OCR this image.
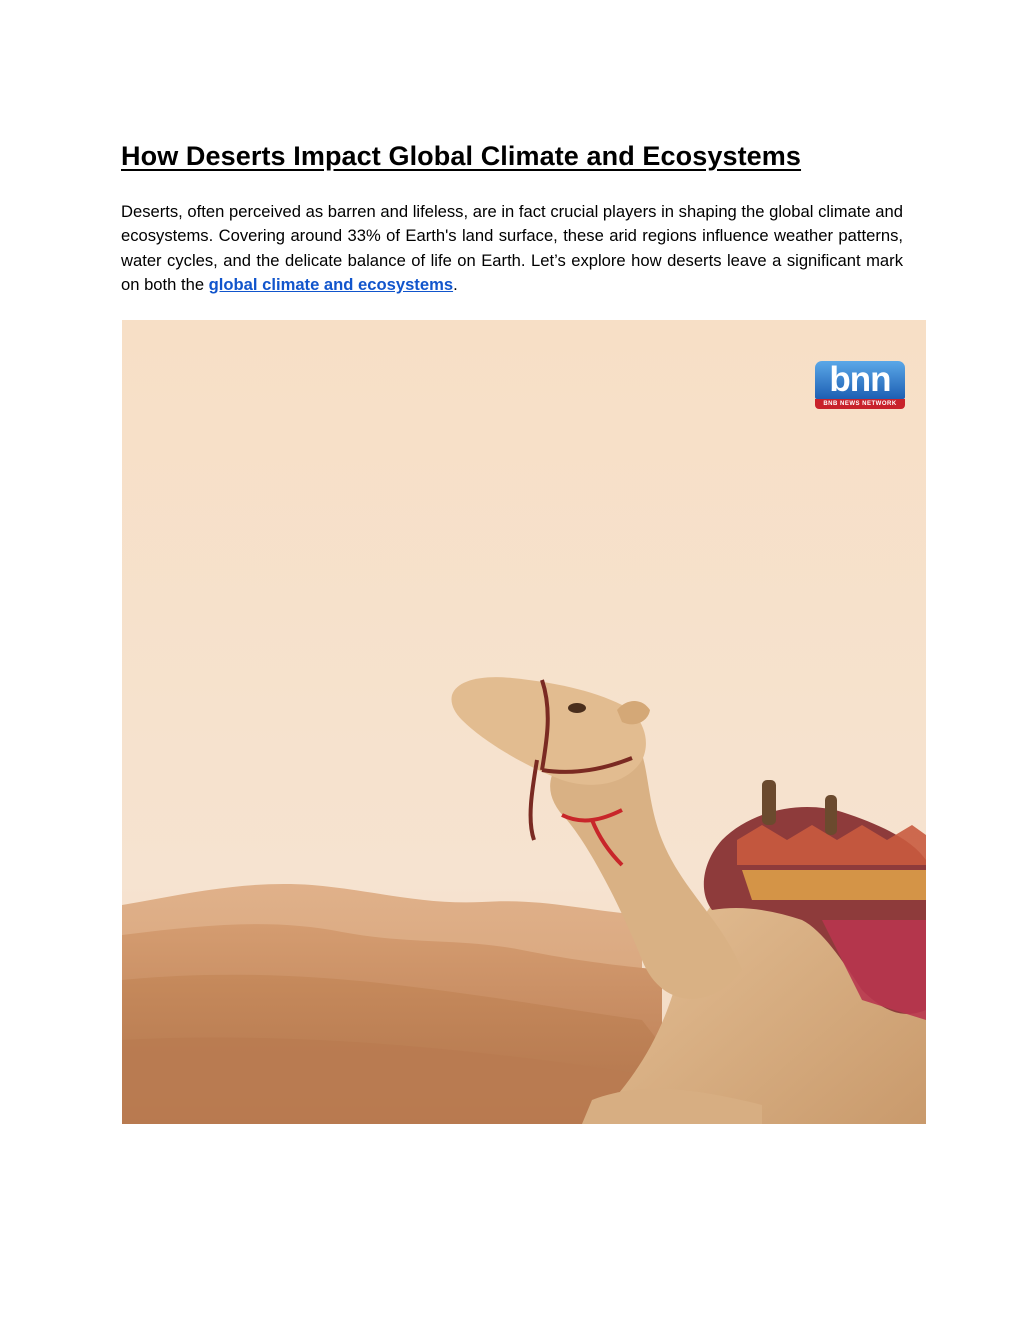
How Deserts Impact Global Climate and Ecosystems

Deserts, often perceived as barren and lifeless, are in fact crucial players in shaping the global climate and ecosystems. Covering around 33% of Earth's land surface, these arid regions influence weather patterns, water cycles, and the delicate balance of life on Earth. Let’s explore how deserts leave a significant mark on both the global climate and ecosystems.

bnn
BNB NEWS NETWORK
